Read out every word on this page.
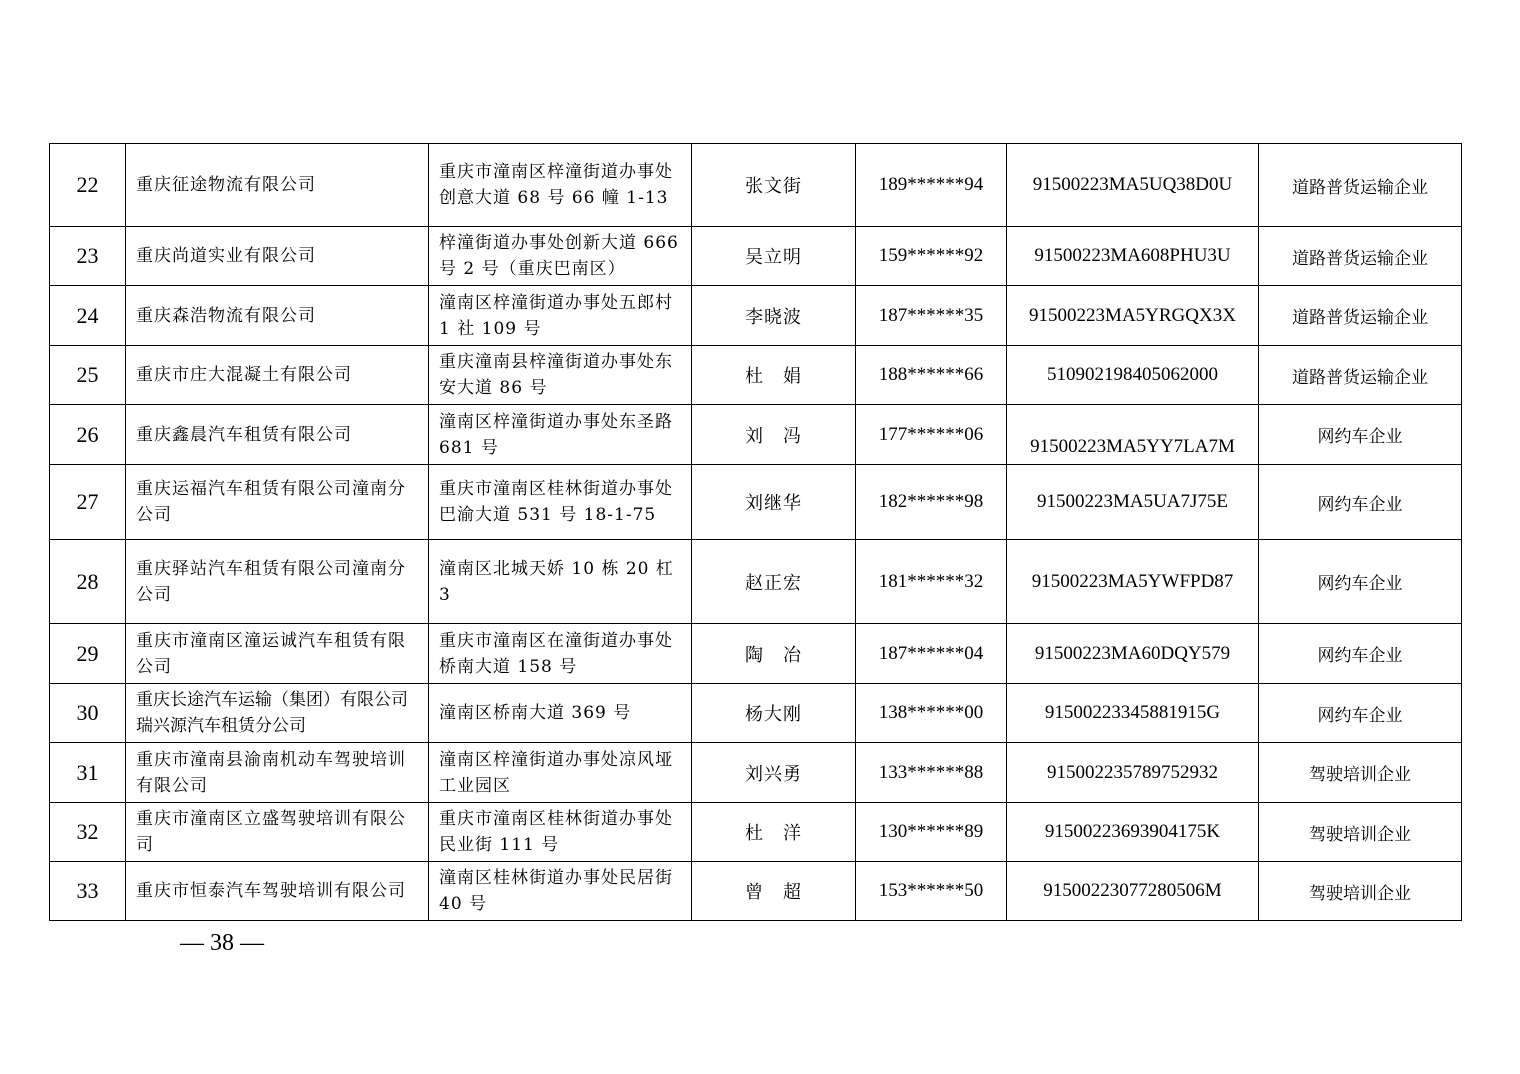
22	重庆征途物流有限公司	重庆市潼南区梓潼街道办事处创意大道 68 号 66 幢 1-13	张文街	189******94	91500223MA5UQ38D0U	道路普货运输企业
23	重庆尚道实业有限公司	梓潼街道办事处创新大道 666 号 2 号（重庆巴南区）	吴立明	159******92	91500223MA608PHU3U	道路普货运输企业
24	重庆森浩物流有限公司	潼南区梓潼街道办事处五郎村 1 社 109 号	李晓波	187******35	91500223MA5YRGQX3X	道路普货运输企业
25	重庆市庄大混凝土有限公司	重庆潼南县梓潼街道办事处东安大道 86 号	杜　娟	188******66	510902198405062000	道路普货运输企业
26	重庆鑫晨汽车租赁有限公司	潼南区梓潼街道办事处东圣路 681 号	刘　冯	177******06	91500223MA5YY7LA7M	网约车企业
27	重庆运福汽车租赁有限公司潼南分公司	重庆市潼南区桂林街道办事处巴渝大道 531 号 18-1-75	刘继华	182******98	91500223MA5UA7J75E	网约车企业
28	重庆驿站汽车租赁有限公司潼南分公司	潼南区北城天娇 10 栋 20 杠 3	赵正宏	181******32	91500223MA5YWFPD87	网约车企业
29	重庆市潼南区潼运诚汽车租赁有限公司	重庆市潼南区在潼街道办事处桥南大道 158 号	陶　冶	187******04	91500223MA60DQY579	网约车企业
30	重庆长途汽车运输（集团）有限公司瑞兴源汽车租赁分公司	潼南区桥南大道 369 号	杨大刚	138******00	91500223345881915G	网约车企业
31	重庆市潼南县渝南机动车驾驶培训有限公司	潼南区梓潼街道办事处凉风垭工业园区	刘兴勇	133******88	915002235789752932	驾驶培训企业
32	重庆市潼南区立盛驾驶培训有限公司	重庆市潼南区桂林街道办事处民业街 111 号	杜　洋	130******89	91500223693904175K	驾驶培训企业
33	重庆市恒泰汽车驾驶培训有限公司	潼南区桂林街道办事处民居街 40 号	曾　超	153******50	91500223077280506M	驾驶培训企业
— 38 —
